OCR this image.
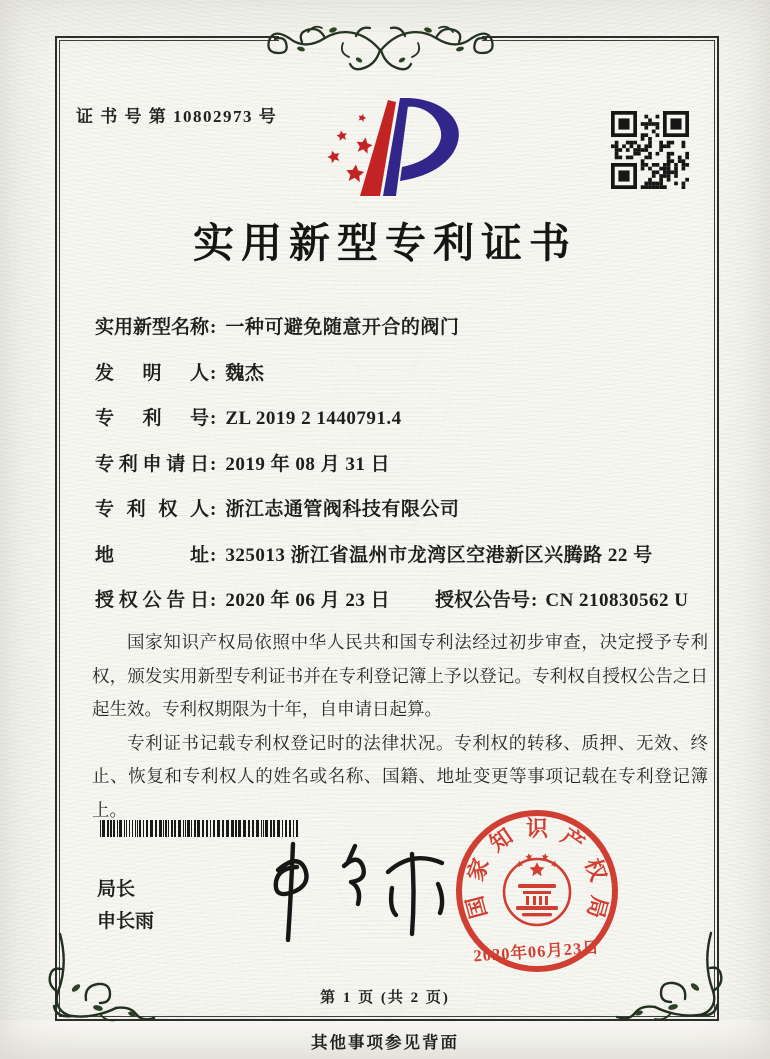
证 书 号 第 10802973 号
实用新型专利证书
实用新型名称: 一种可避免随意开合的阀门
发明人: 魏杰
专利号: ZL 2019 2 1440791.4
专利申请日: 2019 年 08 月 31 日
专利权人: 浙江志通管阀科技有限公司
地址: 325013 浙江省温州市龙湾区空港新区兴腾路 22 号
授权公告日: 2020 年 06 月 23 日 授权公告号: CN 210830562 U

国家知识产权局依照中华人民共和国专利法经过初步审查，决定授予专利权，颁发实用新型专利证书并在专利登记簿上予以登记。专利权自授权公告之日起生效。专利权期限为十年，自申请日起算。

专利证书记载专利权登记时的法律状况。专利权的转移、质押、无效、终止、恢复和专利权人的姓名或名称、国籍、地址变更等事项记载在专利登记簿上。

局长
申长雨
国
家
知 识 产
权
局
2020年06月23日
第 1 页 (共 2 页)
其他事项参见背面
